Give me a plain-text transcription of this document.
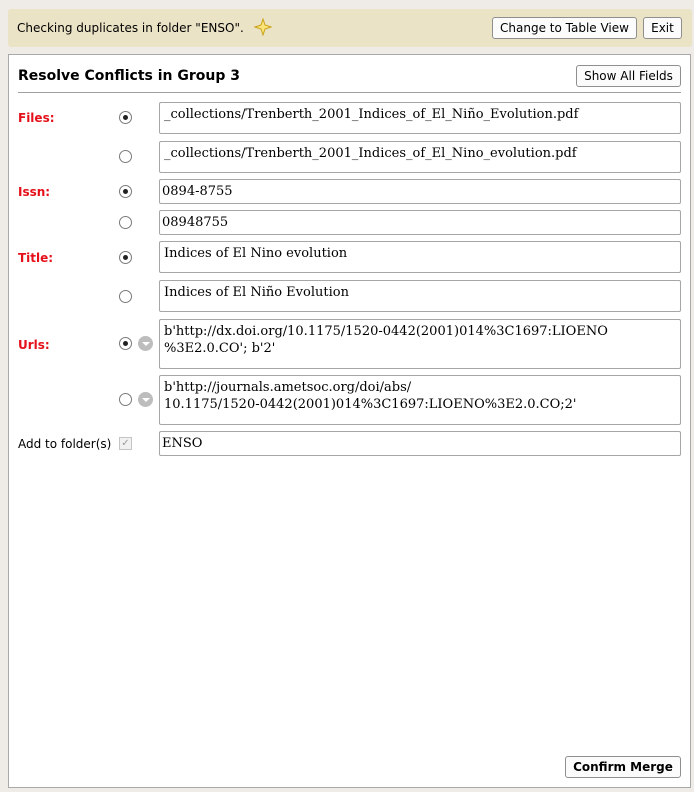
Checking duplicates in folder "ENSO".	Change to Table View	Exit
Resolve Conflicts in Group 3	Show All Fields
Files:	_collections/Trenberth_2001_Indices_of_El_Niño_Evolution.pdf
_collections/Trenberth_2001_Indices_of_El_Nino_evolution.pdf
Issn:	0894-8755
08948755
Title:	Indices of El Nino evolution
Indices of El Niño Evolution
Urls:
b'http://dx.doi.org/10.1175/1520-0442(2001)014%3C1697:LIOENO
%3E2.0.CO'; b'2'
b'http://journals.ametsoc.org/doi/abs/
10.1175/1520-0442(2001)014%3C1697:LIOENO%3E2.0.CO;2'
Add to folder(s) ✓ ENSO
Confirm Merge
